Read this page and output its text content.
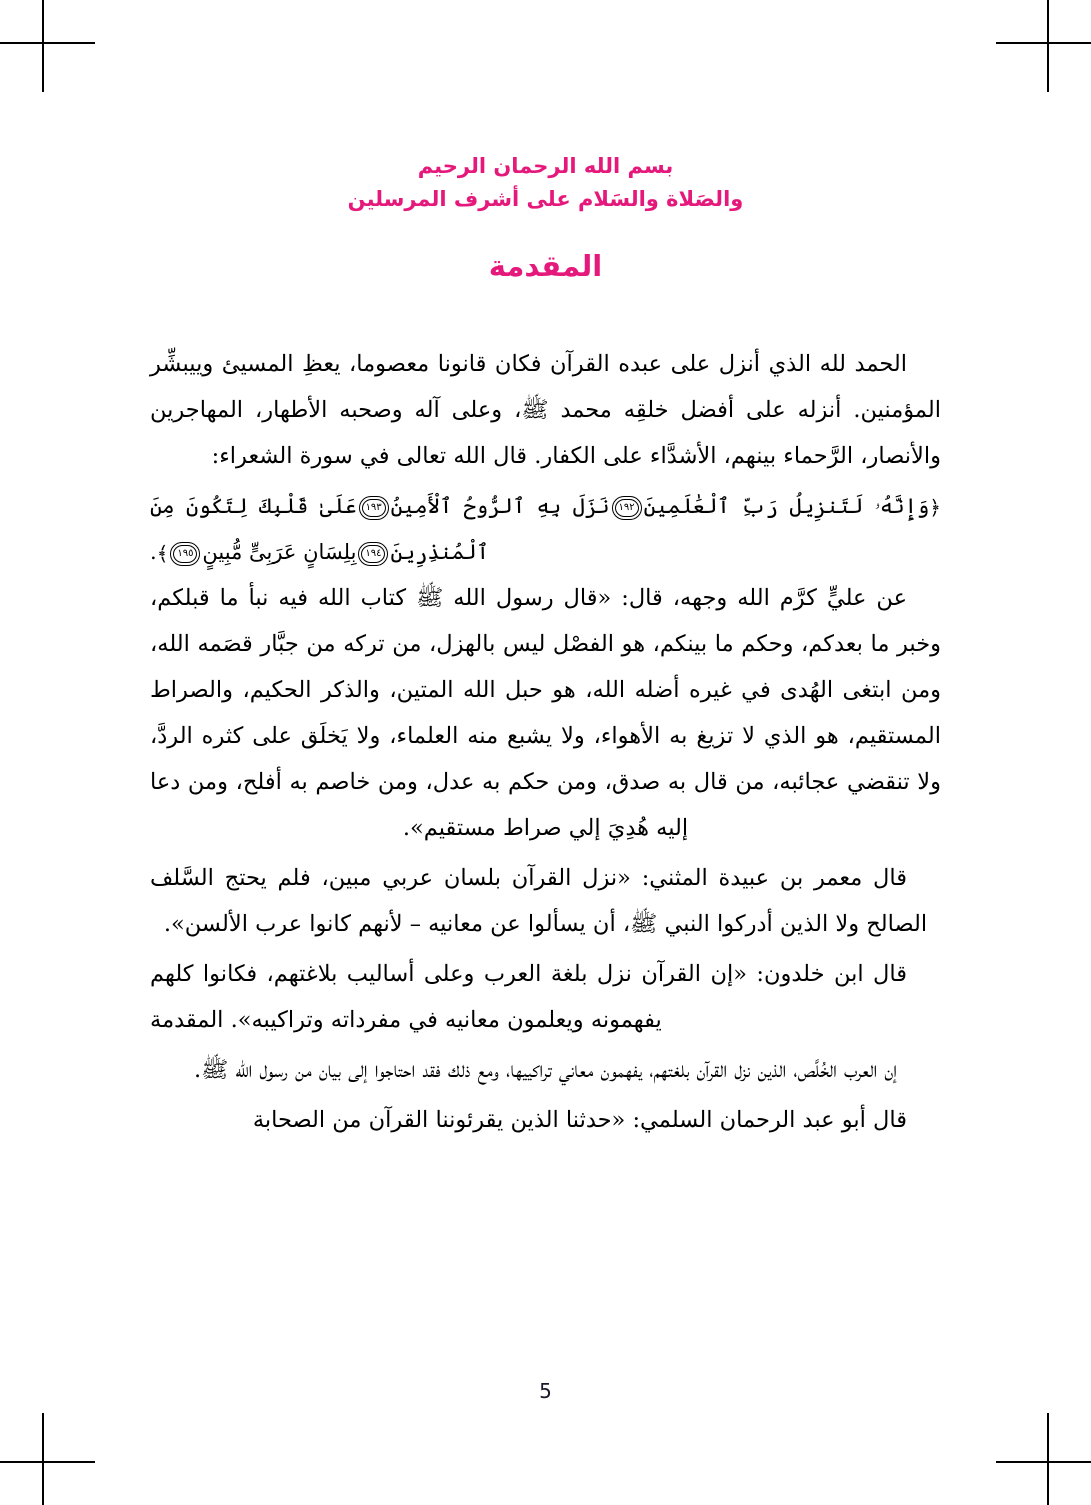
بسم الله الرحمان الرحيم
والصَلاة والسَلام على أشرف المرسلين
المقدمة

الحمد لله الذي أنزل على عبده القرآن فكان قانونا معصوما، يعظِ المسيئ وييبشِّر المؤمنين. أنزله على أفضل خلقِه محمد ﷺ، وعلى آله وصحبه الأطهار، المهاجرين والأنصار، الرَّحماء بينهم، الأشدَّاء على الكفار. قال الله تعالى في سورة الشعراء:

﴿وَإِنَّهُۥ لَتَنزِيلُ رَبِّ ٱلْعَٰلَمِينَ
١٩٢
نَزَلَ بِهِ ٱلرُّوحُ ٱلْأَمِينُ
١٩٣
عَلَىٰ قَلْبِكَ لِتَكُونَ مِنَ ٱلْمُنذِرِينَ
١٩٤
بِلِسَانٍ عَرَبِىٍّ مُّبِينٍ
١٩٥
﴾.

عن عليٍّ كرَّم الله وجهه، قال: «قال رسول الله ﷺ كتاب الله فيه نبأ ما قبلكم، وخبر ما بعدكم، وحكم ما بينكم، هو الفصْل ليس بالهزل، من تركه من جبَّار قصَمه الله، ومن ابتغى الهُدى في غيره أضله الله، هو حبل الله المتين، والذكر الحكيم، والصراط المستقيم، هو الذي لا تزيغ به الأهواء، ولا يشبع منه العلماء، ولا يَخلَق على كثره الردَّ، ولا تنقضي عجائبه، من قال به صدق، ومن حكم به عدل، ومن خاصم به أفلح، ومن دعا إليه هُدِيَ إلي صراط مستقيم».

قال معمر بن عبيدة المثني: «نزل القرآن بلسان عربي مبين، فلم يحتج السَّلف الصالح ولا الذين أدركوا النبي ﷺ، أن يسألوا عن معانيه – لأنهم كانوا عرب الألسن».

قال ابن خلدون: «إن القرآن نزل بلغة العرب وعلى أساليب بلاغتهم، فكانوا كلهم يفهمونه ويعلمون معانيه في مفرداته وتراكيبه». المقدمة

إن العرب الخُلَّص، الذين نزل القرآن بلغتهم، يفهمون معاني تراكييها، ومع ذلك فقد احتاجوا إلى بيان من رسول الله ﷺ.

قال أبو عبد الرحمان السلمي: «حدثنا الذين يقرئوننا القرآن من الصحابة

5
